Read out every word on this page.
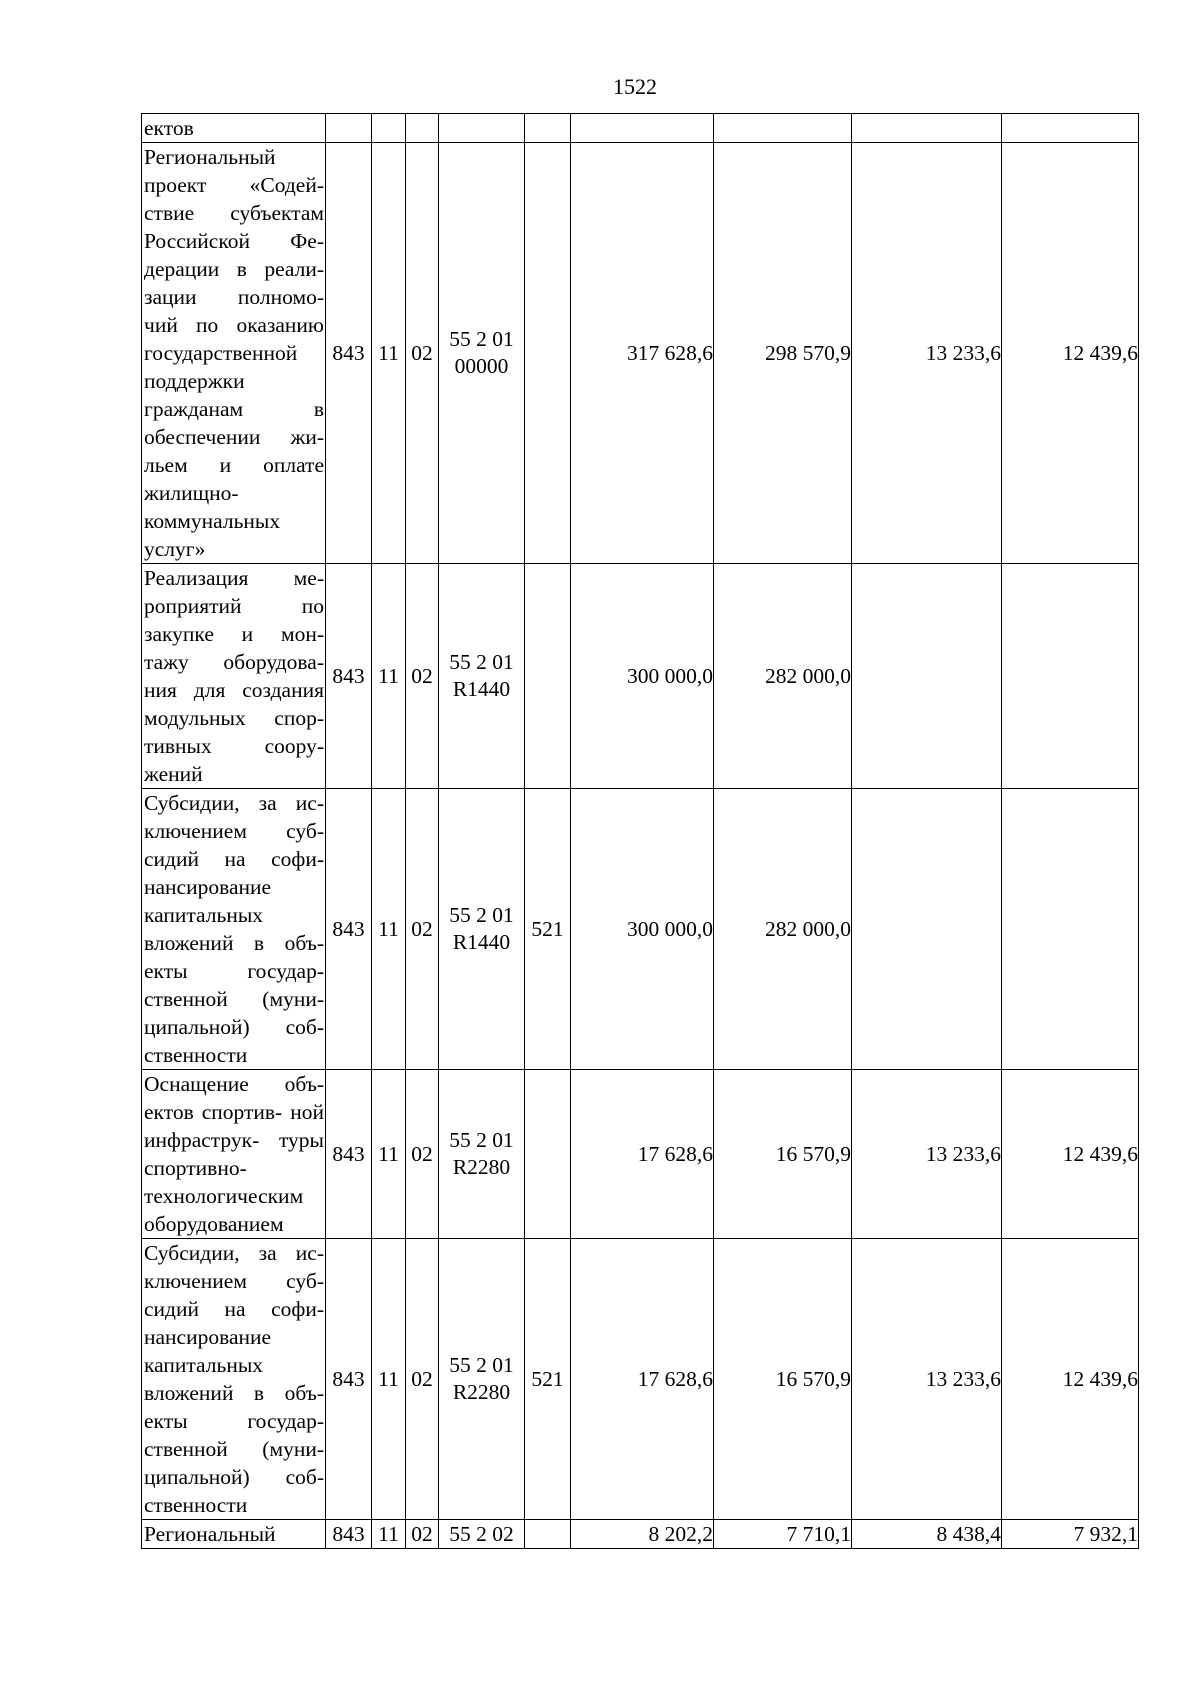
1522
ектов									
Региональный проект «Содей- ствие субъектам Российской Фе- дерации в реали- зации полномо- чий по оказанию государственной поддержки гражданам в обеспечении жи- льем и оплате жилищно- коммунальных услуг»	843	11	02	55 2 01 00000		317 628,6	298 570,9	13 233,6	12 439,6
Реализация ме- роприятий по закупке и мон- тажу оборудова- ния для создания модульных спор- тивных соору- жений	843	11	02	55 2 01 R1440		300 000,0	282 000,0		
Субсидии, за ис- ключением суб- сидий на софи- нансирование капитальных вложений в объ- екты государ- ственной (муни- ципальной) соб- ственности	843	11	02	55 2 01 R1440	521	300 000,0	282 000,0		
Оснащение объ- ектов спортив- ной инфраструк- туры спортивно- технологическим оборудованием	843	11	02	55 2 01 R2280		17 628,6	16 570,9	13 233,6	12 439,6
Субсидии, за ис- ключением суб- сидий на софи- нансирование капитальных вложений в объ- екты государ- ственной (муни- ципальной) соб- ственности	843	11	02	55 2 01 R2280	521	17 628,6	16 570,9	13 233,6	12 439,6
Региональный	843	11	02	55 2 02		8 202,2	7 710,1	8 438,4	7 932,1
